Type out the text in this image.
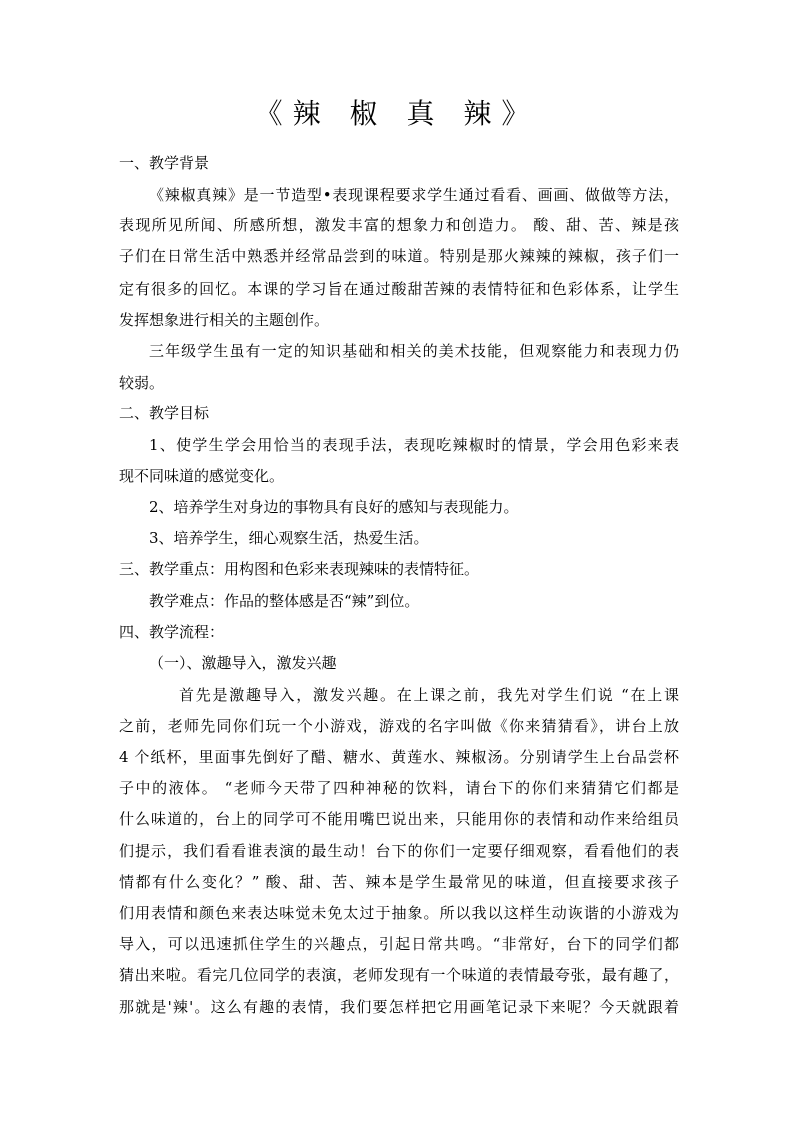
《辣 椒 真 辣》
一、教学背景
《辣椒真辣》是一节造型•表现课程要求学生通过看看、画画、做做等方法，
表现所见所闻、所感所想，激发丰富的想象力和创造力。 酸、甜、苦、辣是孩
子们在日常生活中熟悉并经常品尝到的味道。特别是那火辣辣的辣椒，孩子们一
定有很多的回忆。本课的学习旨在通过酸甜苦辣的表情特征和色彩体系，让学生
发挥想象进行相关的主题创作。
三年级学生虽有一定的知识基础和相关的美术技能，但观察能力和表现力仍
较弱。
二、教学目标
1、使学生学会用恰当的表现手法，表现吃辣椒时的情景，学会用色彩来表
现不同味道的感觉变化。
2、培养学生对身边的事物具有良好的感知与表现能力。
3、培养学生，细心观察生活，热爱生活。
三、教学重点：用构图和色彩来表现辣味的表情特征。
教学难点：作品的整体感是否“辣”到位。
四、教学流程：
（一）、激趣导入，激发兴趣
首先是激趣导入，激发兴趣。在上课之前，我先对学生们说 “在上课
之前，老师先同你们玩一个小游戏，游戏的名字叫做《你来猜猜看》，讲台上放
4 个纸杯，里面事先倒好了醋、糖水、黄莲水、辣椒汤。分别请学生上台品尝杯
子中的液体。 “老师今天带了四种神秘的饮料，请台下的你们来猜猜它们都是
什么味道的，台上的同学可不能用嘴巴说出来，只能用你的表情和动作来给组员
们提示，我们看看谁表演的最生动！台下的你们一定要仔细观察，看看他们的表
情都有什么变化？” 酸、甜、苦、辣本是学生最常见的味道，但直接要求孩子
们用表情和颜色来表达味觉未免太过于抽象。所以我以这样生动诙谐的小游戏为
导入，可以迅速抓住学生的兴趣点，引起日常共鸣。“非常好，台下的同学们都
猜出来啦。看完几位同学的表演，老师发现有一个味道的表情最夸张，最有趣了，
那就是'辣'。这么有趣的表情，我们要怎样把它用画笔记录下来呢？今天就跟着
